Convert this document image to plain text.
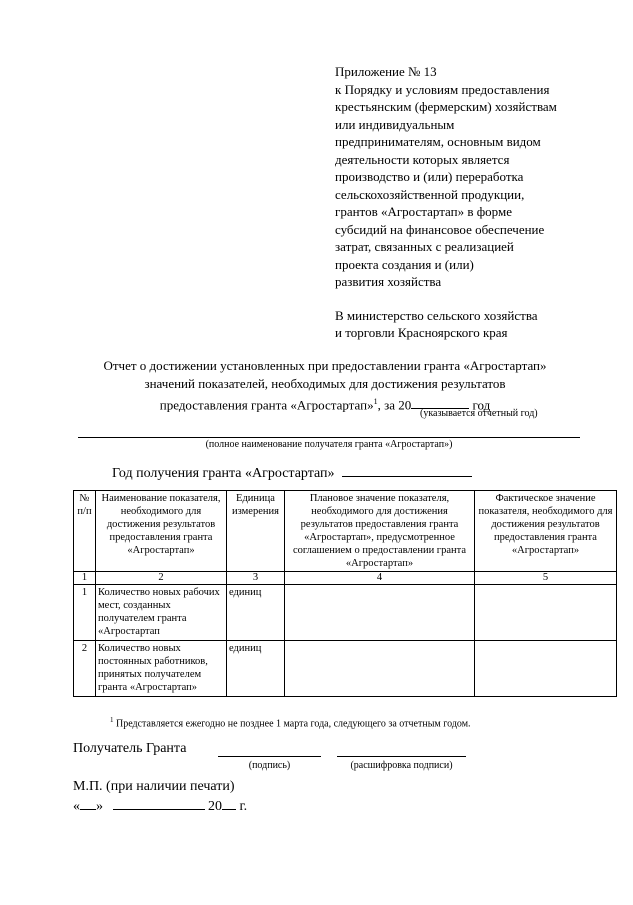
Приложение № 13
к Порядку и условиям предоставления
крестьянским (фермерским) хозяйствам
или индивидуальным
предпринимателям, основным видом
деятельности которых является
производство и (или) переработка
сельскохозяйственной продукции,
грантов «Агростартап» в форме
субсидий на финансовое обеспечение
затрат, связанных с реализацией
проекта создания и (или)
развития хозяйства
В министерство сельского хозяйства
и торговли Красноярского края
Отчет о достижении установленных при предоставлении гранта «Агростартап»
значений показателей, необходимых для достижения результатов
предоставления гранта «Агростартап»$^1$, за 20	год
(указывается отчетный год)
(полное наименование получателя гранта «Агростартап»)
Год получения гранта «Агростартап»
№ п/п	Наименование показателя, необходимого для достижения результатов предоставления гранта «Агростартап»	Единица измерения	Плановое значение показателя, необходимого для достижения результатов предоставления гранта «Агростартап», предусмотренное соглашением о предоставлении гранта «Агростартап»	Фактическое значение показателя, необходимого для достижения результатов предоставления гранта «Агростартап»
1	2	3	4	5
1	Количество новых рабочих мест, созданных получателем гранта «Агростартап	единиц		
2	Количество новых постоянных работников, принятых получателем гранта «Агростартап»	единиц		
$^1$ Представляется ежегодно не позднее 1 марта года, следующего за отчетным годом.
Получатель Гранта
(подпись)	(расшифровка подписи)
М.П. (при наличии печати)
« »	20 г.
